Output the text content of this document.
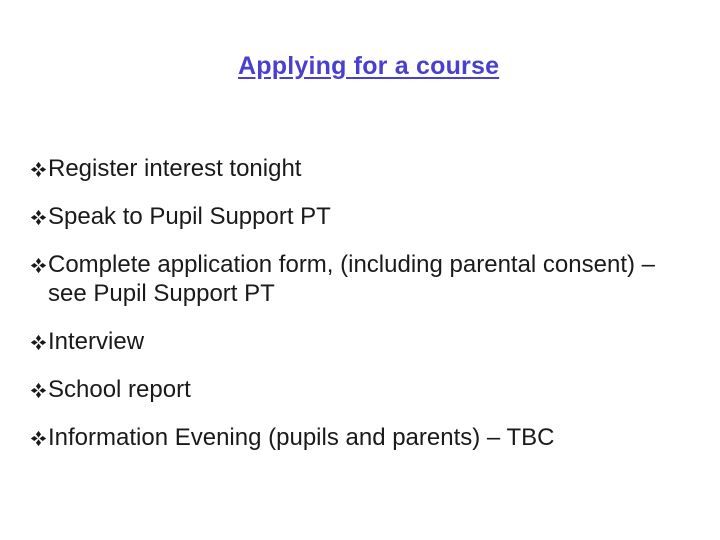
Applying for a course
Register interest tonight
Speak to Pupil Support PT
Complete application form, (including parental consent) – see Pupil Support PT
Interview
School report
Information Evening (pupils and parents) – TBC
